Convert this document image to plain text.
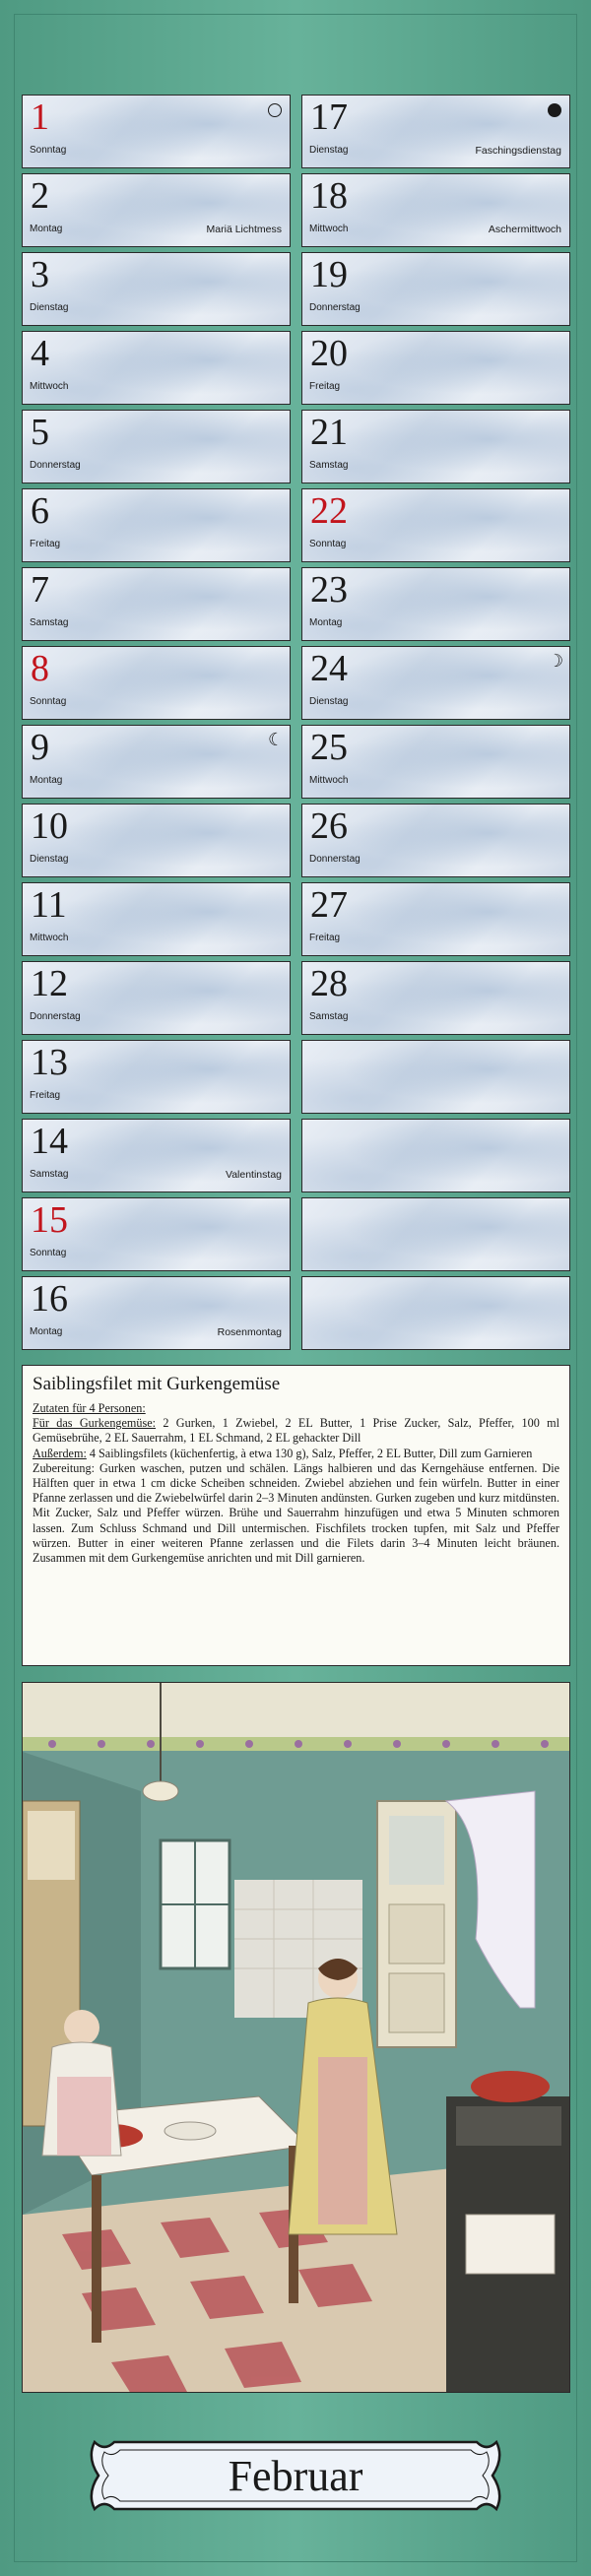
1
Sonntag
2
Montag	Mariä Lichtmess
3
Dienstag
4
Mittwoch
5
Donnerstag
6
Freitag
7
Samstag
8
Sonntag
9
Montag
☾
10
Dienstag
11
Mittwoch
12
Donnerstag
13
Freitag
14
Samstag	Valentinstag
15
Sonntag
16
Montag	Rosenmontag
17
Dienstag	Faschingsdienstag
18
Mittwoch	Aschermittwoch
19
Donnerstag
20
Freitag
21
Samstag
22
Sonntag
23
Montag
24
Dienstag
☽
25
Mittwoch
26
Donnerstag
27
Freitag
28
Samstag
Saiblingsfilet mit Gurkengemüse

Zutaten für 4 Personen:
Für das Gurkengemüse: 2 Gurken, 1 Zwiebel, 2 EL Butter, 1 Prise Zucker, Salz, Pfeffer, 100 ml Gemüsebrühe, 2 EL Sauerrahm, 1 EL Schmand, 2 EL gehackter Dill
Außerdem: 4 Saiblingsfilets (küchenfertig, à etwa 130 g), Salz, Pfeffer, 2 EL Butter, Dill zum Garnieren
Zubereitung: Gurken waschen, putzen und schälen. Längs halbieren und das Kerngehäuse entfernen. Die Hälften quer in etwa 1 cm dicke Scheiben schneiden. Zwiebel abziehen und fein würfeln. Butter in einer Pfanne zerlassen und die Zwiebelwürfel darin 2–3 Minuten andünsten. Gurken zugeben und kurz mitdünsten. Mit Zucker, Salz und Pfeffer würzen. Brühe und Sauerrahm hinzufügen und etwa 5 Minuten schmoren lassen. Zum Schluss Schmand und Dill untermischen. Fischfilets trocken tupfen, mit Salz und Pfeffer würzen. Butter in einer weiteren Pfanne zerlassen und die Filets darin 3–4 Minuten leicht bräunen. Zusammen mit dem Gurkengemüse anrichten und mit Dill garnieren.

Februar
